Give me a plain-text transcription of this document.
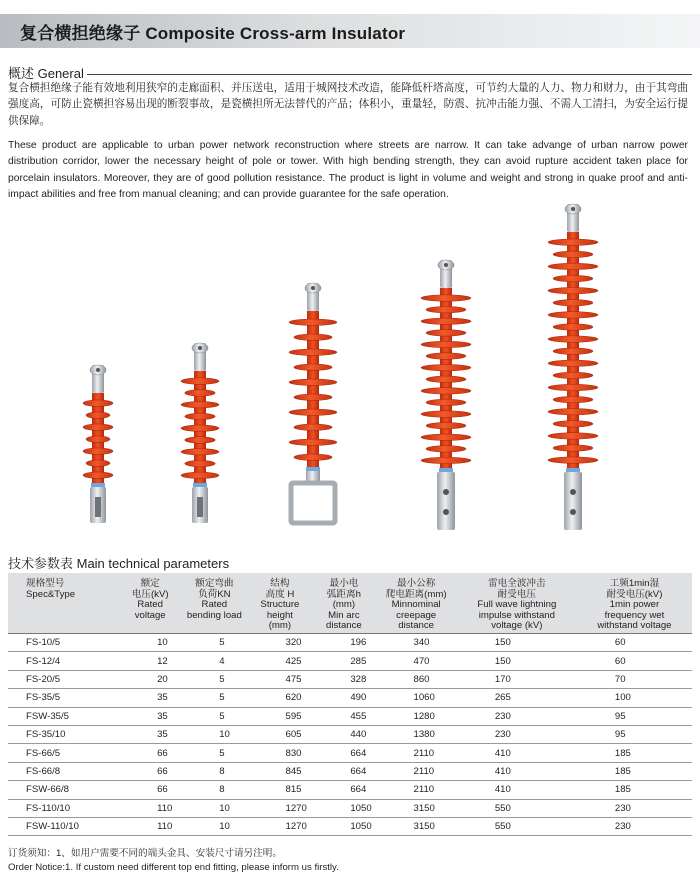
复合横担绝缘子 Composite Cross-arm Insulator
概述 General
复合横担绝缘子能有效地利用狭窄的走廊面积、并压送电，适用于城网技术改造，能降低杆塔高度，可节约大量的人力、物力和财力，由于其弯曲强度高，可防止瓷横担容易出现的断裂事故，是瓷横担所无法替代的产品；体积小，重量轻，防震、抗冲击能力强、不需人工清扫，为安全运行提供保障。
These product are applicable to urban power network reconstruction where streets are narrow. It can take advange of urban narrow power distribution corridor, lower the necessary height of pole or tower. With high bending strength, they can avoid rupture accident taken place for porcelain insulators. Moreover, they are of good pollution resistance. The product is light in volume and weight and strong in quake proof and anti-impact abilities and free from manual cleaning; and can provide guarantee for the safe operation.
技术参数表 Main technical parameters
规格型号
Spec&Type	额定
电压(kV)
Rated
voltage	额定弯曲
负荷KN
Rated
bending load	结构
高度 H
Structure
height
(mm)	最小电
弧距离h
(mm)
Min arc
distance	最小公称
爬电距离(mm)
Minnominal
creepage
distance	雷电全波冲击
耐受电压
Full wave lightning
impulse withstand
voltage (kV)	工频1min湿
耐受电压(kV)
1min power
frequency wet
withstand voltage
FS-10/5	10	5	320	196	340	150	60
FS-12/4	12	4	425	285	470	150	60
FS-20/5	20	5	475	328	860	170	70
FS-35/5	35	5	620	490	1060	265	100
FSW-35/5	35	5	595	455	1280	230	95
FS-35/10	35	10	605	440	1380	230	95
FS-66/5	66	5	830	664	2110	410	185
FS-66/8	66	8	845	664	2110	410	185
FSW-66/8	66	8	815	664	2110	410	185
FS-110/10	110	10	1270	1050	3150	550	230
FSW-110/10	110	10	1270	1050	3150	550	230
订货须知：1、如用户需要不同的端头金具、安装尺寸请另注明。
Order Notice:1. If custom need different top end fitting, please inform us firstly.
